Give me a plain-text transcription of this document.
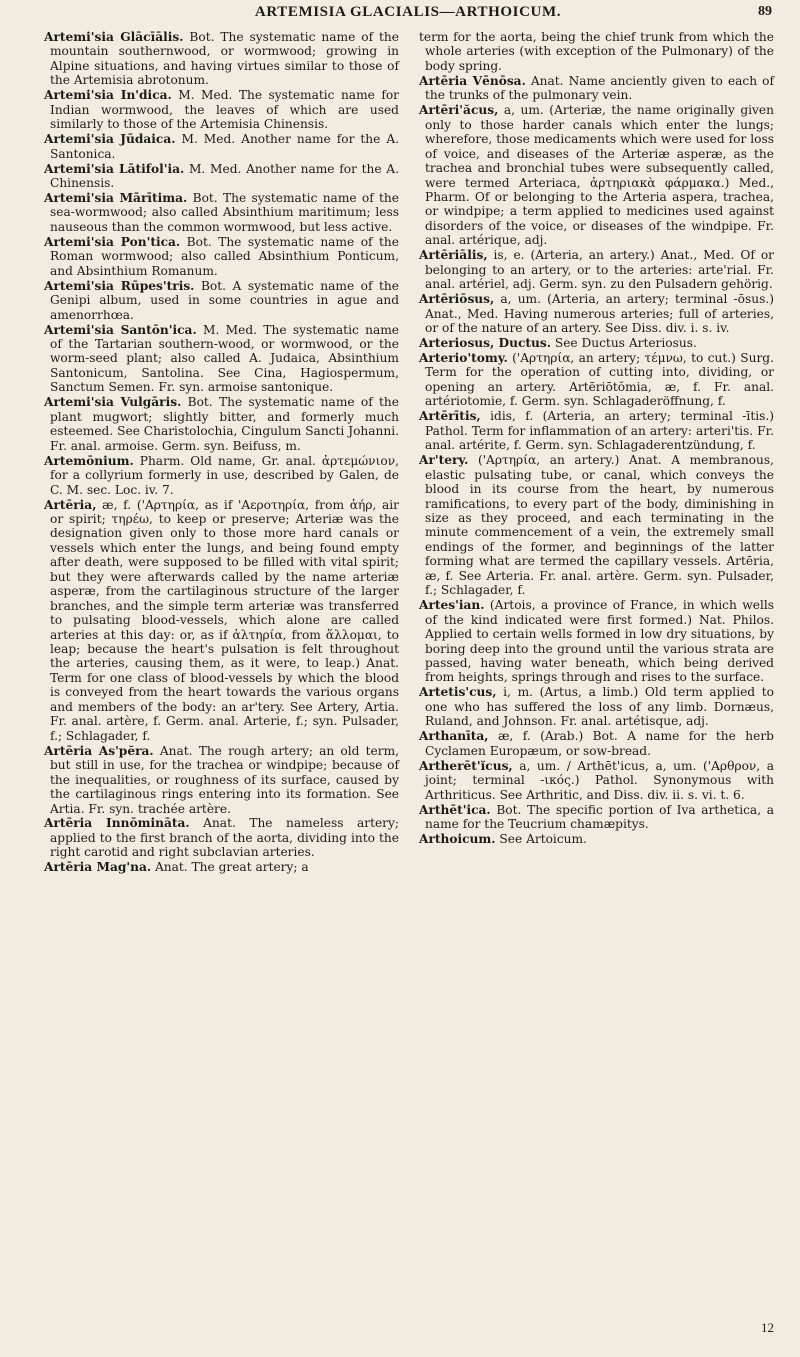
ARTEMISIA GLACIALIS—ARTHOICUM.	89

Artemi'sia Glācīālis. Bot. The systematic name of the mountain southernwood, or wormwood; growing in Alpine situations, and having virtues similar to those of the Artemisia abrotonum.

Artemi'sia In'dica. M. Med. The systematic name for Indian wormwood, the leaves of which are used similarly to those of the Artemisia Chinensis.

Artemi'sia Jūdaica. M. Med. Another name for the A. Santonica.

Artemi'sia Lātifol'ia. M. Med. Another name for the A. Chinensis.

Artemi'sia Mārītima. Bot. The systematic name of the sea-wormwood; also called Absinthium maritimum; less nauseous than the common wormwood, but less active.

Artemi'sia Pon'tica. Bot. The systematic name of the Roman wormwood; also called Absinthium Ponticum, and Absinthium Romanum.

Artemi'sia Rūpes'tris. Bot. A systematic name of the Genipi album, used in some countries in ague and amenorrhœa.

Artemi'sia Santōn'ica. M. Med. The systematic name of the Tartarian southern-wood, or wormwood, or the worm-seed plant; also called A. Judaica, Absinthium Santonicum, Santolina. See Cina, Hagiospermum, Sanctum Semen. Fr. syn. armoise santonique.

Artemi'sia Vulgāris. Bot. The systematic name of the plant mugwort; slightly bitter, and formerly much esteemed. See Charistolochia, Cingulum Sancti Johanni. Fr. anal. armoise. Germ. syn. Beifuss, m.

Artemōnium. Pharm. Old name, Gr. anal. ἀρτεμώνιον, for a collyrium formerly in use, described by Galen, de C. M. sec. Loc. iv. 7.

Artēria, æ, f. ('Αρτηρία, as if 'Αεροτηρία, from ἀήρ, air or spirit; τηρέω, to keep or preserve; Arteriæ was the designation given only to those more hard canals or vessels which enter the lungs, and being found empty after death, were supposed to be filled with vital spirit; but they were afterwards called by the name arteriæ asperæ, from the cartilaginous structure of the larger branches, and the simple term arteriæ was transferred to pulsating blood-vessels, which alone are called arteries at this day: or, as if ἀλτηρία, from ἅλλομαι, to leap; because the heart's pulsation is felt throughout the arteries, causing them, as it were, to leap.) Anat. Term for one class of blood-vessels by which the blood is conveyed from the heart towards the various organs and members of the body: an ar'tery. See Artery, Artia. Fr. anal. artère, f. Germ. anal. Arterie, f.; syn. Pulsader, f.; Schlagader, f.

Artēria As'pĕra. Anat. The rough artery; an old term, but still in use, for the trachea or windpipe; because of the inequalities, or roughness of its surface, caused by the cartilaginous rings entering into its formation. See Artia. Fr. syn. trachée artère.

Artēria Innōmināta. Anat. The nameless artery; applied to the first branch of the aorta, dividing into the right carotid and right subclavian arteries.

Artēria Mag'na. Anat. The great artery; a

term for the aorta, being the chief trunk from which the whole arteries (with exception of the Pulmonary) of the body spring.

Artēria Vēnōsa. Anat. Name anciently given to each of the trunks of the pulmonary vein.

Artēri'ăcus, a, um. (Arteriæ, the name originally given only to those harder canals which enter the lungs; wherefore, those medicaments which were used for loss of voice, and diseases of the Arteriæ asperæ, as the trachea and bronchial tubes were subsequently called, were termed Arteriaca, ἀρτηριακὰ φάρμακα.) Med., Pharm. Of or belonging to the Arteria aspera, trachea, or windpipe; a term applied to medicines used against disorders of the voice, or diseases of the windpipe. Fr. anal. artérique, adj.

Artēriālis, is, e. (Arteria, an artery.) Anat., Med. Of or belonging to an artery, or to the arteries: arte'rial. Fr. anal. artériel, adj. Germ. syn. zu den Pulsadern gehörig.

Artēriōsus, a, um. (Arteria, an artery; terminal -ōsus.) Anat., Med. Having numerous arteries; full of arteries, or of the nature of an artery. See Diss. div. i. s. iv.

Arteriosus, Ductus. See Ductus Arteriosus.

Arterio'tomy. ('Αρτηρία, an artery; τέμνω, to cut.) Surg. Term for the operation of cutting into, dividing, or opening an artery. Artēriōtŏmia, æ, f. Fr. anal. artériotomie, f. Germ. syn. Schlagaderöffnung, f.

Artērītis, idis, f. (Arteria, an artery; terminal -ītis.) Pathol. Term for inflammation of an artery: arteri'tis. Fr. anal. artérite, f. Germ. syn. Schlagaderentzündung, f.

Ar'tery. ('Αρτηρία, an artery.) Anat. A membranous, elastic pulsating tube, or canal, which conveys the blood in its course from the heart, by numerous ramifications, to every part of the body, diminishing in size as they proceed, and each terminating in the minute commencement of a vein, the extremely small endings of the former, and beginnings of the latter forming what are termed the capillary vessels. Artēria, æ, f. See Arteria. Fr. anal. artère. Germ. syn. Pulsader, f.; Schlagader, f.

Artes'ian. (Artois, a province of France, in which wells of the kind indicated were first formed.) Nat. Philos. Applied to certain wells formed in low dry situations, by boring deep into the ground until the various strata are passed, having water beneath, which being derived from heights, springs through and rises to the surface.

Artetis'cus, i, m. (Artus, a limb.) Old term applied to one who has suffered the loss of any limb. Dornæus, Ruland, and Johnson. Fr. anal. artétisque, adj.

Arthanīta, æ, f. (Arab.) Bot. A name for the herb Cyclamen Europæum, or sow-bread.

Artherēt'ĭcus, a, um. / Arthēt'icus, a, um. ('Αρθρον, a joint; terminal -ικός.) Pathol. Synonymous with Arthriticus. See Arthritic, and Diss. div. ii. s. vi. t. 6.

Arthēt'ica. Bot. The specific portion of Iva arthetica, a name for the Teucrium chamæpitys.

Arthoicum. See Artoicum.

12
